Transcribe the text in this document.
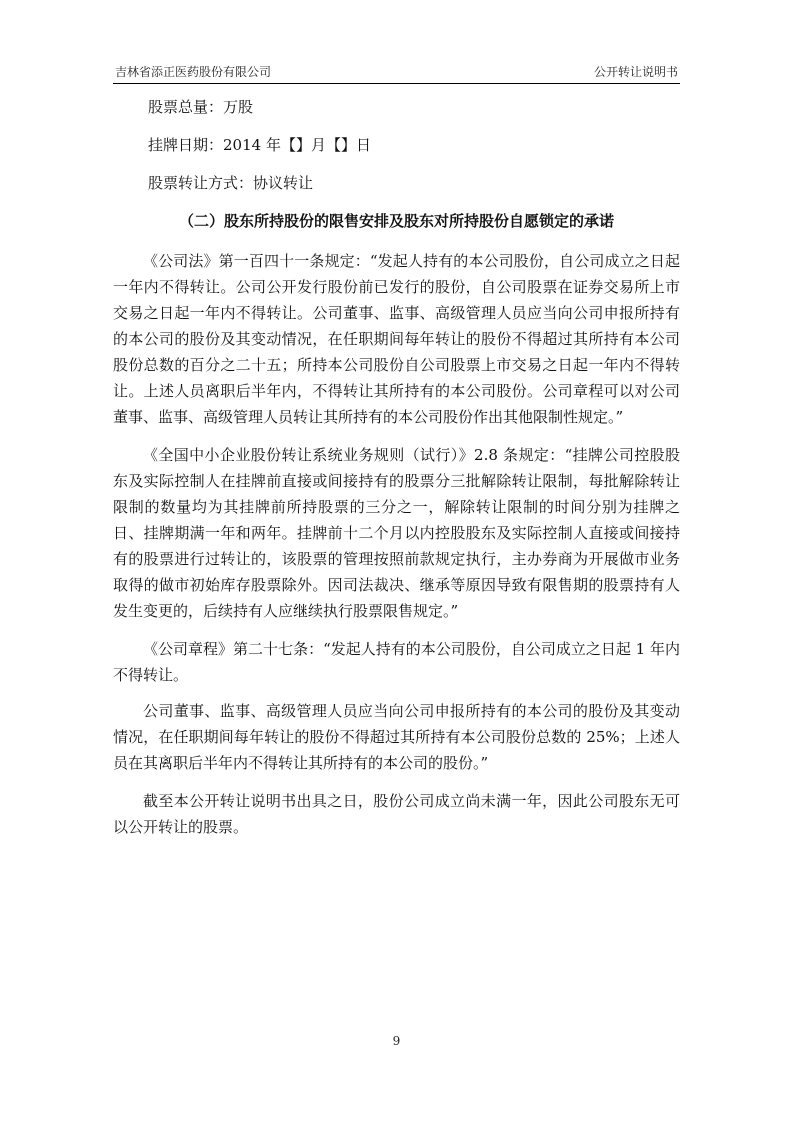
吉林省添正医药股份有限公司	公开转让说明书
股票总量：万股
挂牌日期：2014 年【】月【】日
股票转让方式：协议转让
（二）股东所持股份的限售安排及股东对所持股份自愿锁定的承诺

《公司法》第一百四十一条规定：“发起人持有的本公司股份，自公司成立之日起一年内不得转让。公司公开发行股份前已发行的股份，自公司股票在证券交易所上市交易之日起一年内不得转让。公司董事、监事、高级管理人员应当向公司申报所持有的本公司的股份及其变动情况，在任职期间每年转让的股份不得超过其所持有本公司股份总数的百分之二十五；所持本公司股份自公司股票上市交易之日起一年内不得转让。上述人员离职后半年内，不得转让其所持有的本公司股份。公司章程可以对公司董事、监事、高级管理人员转让其所持有的本公司股份作出其他限制性规定。”

《全国中小企业股份转让系统业务规则（试行）》2.8 条规定：“挂牌公司控股股东及实际控制人在挂牌前直接或间接持有的股票分三批解除转让限制，每批解除转让限制的数量均为其挂牌前所持股票的三分之一，解除转让限制的时间分别为挂牌之日、挂牌期满一年和两年。挂牌前十二个月以内控股股东及实际控制人直接或间接持有的股票进行过转让的，该股票的管理按照前款规定执行，主办券商为开展做市业务取得的做市初始库存股票除外。因司法裁决、继承等原因导致有限售期的股票持有人发生变更的，后续持有人应继续执行股票限售规定。”

《公司章程》第二十七条：“发起人持有的本公司股份，自公司成立之日起 1 年内不得转让。

公司董事、监事、高级管理人员应当向公司申报所持有的本公司的股份及其变动情况，在任职期间每年转让的股份不得超过其所持有本公司股份总数的 25%；上述人员在其离职后半年内不得转让其所持有的本公司的股份。”

截至本公开转让说明书出具之日，股份公司成立尚未满一年，因此公司股东无可以公开转让的股票。

9
